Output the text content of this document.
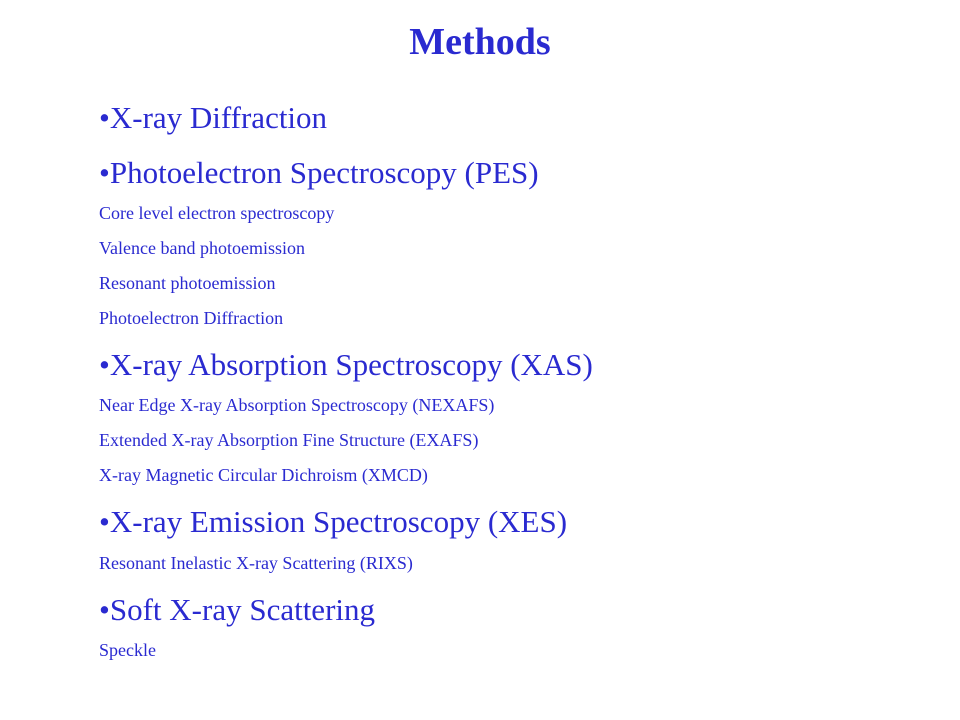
Methods
•X-ray Diffraction
•Photoelectron Spectroscopy (PES)
Core level electron spectroscopy
Valence band photoemission
Resonant photoemission
Photoelectron Diffraction
•X-ray Absorption Spectroscopy (XAS)
Near Edge X-ray Absorption Spectroscopy (NEXAFS)
Extended X-ray Absorption Fine Structure (EXAFS)
X-ray Magnetic Circular Dichroism (XMCD)
•X-ray Emission Spectroscopy (XES)
Resonant Inelastic X-ray Scattering (RIXS)
•Soft X-ray Scattering
Speckle
